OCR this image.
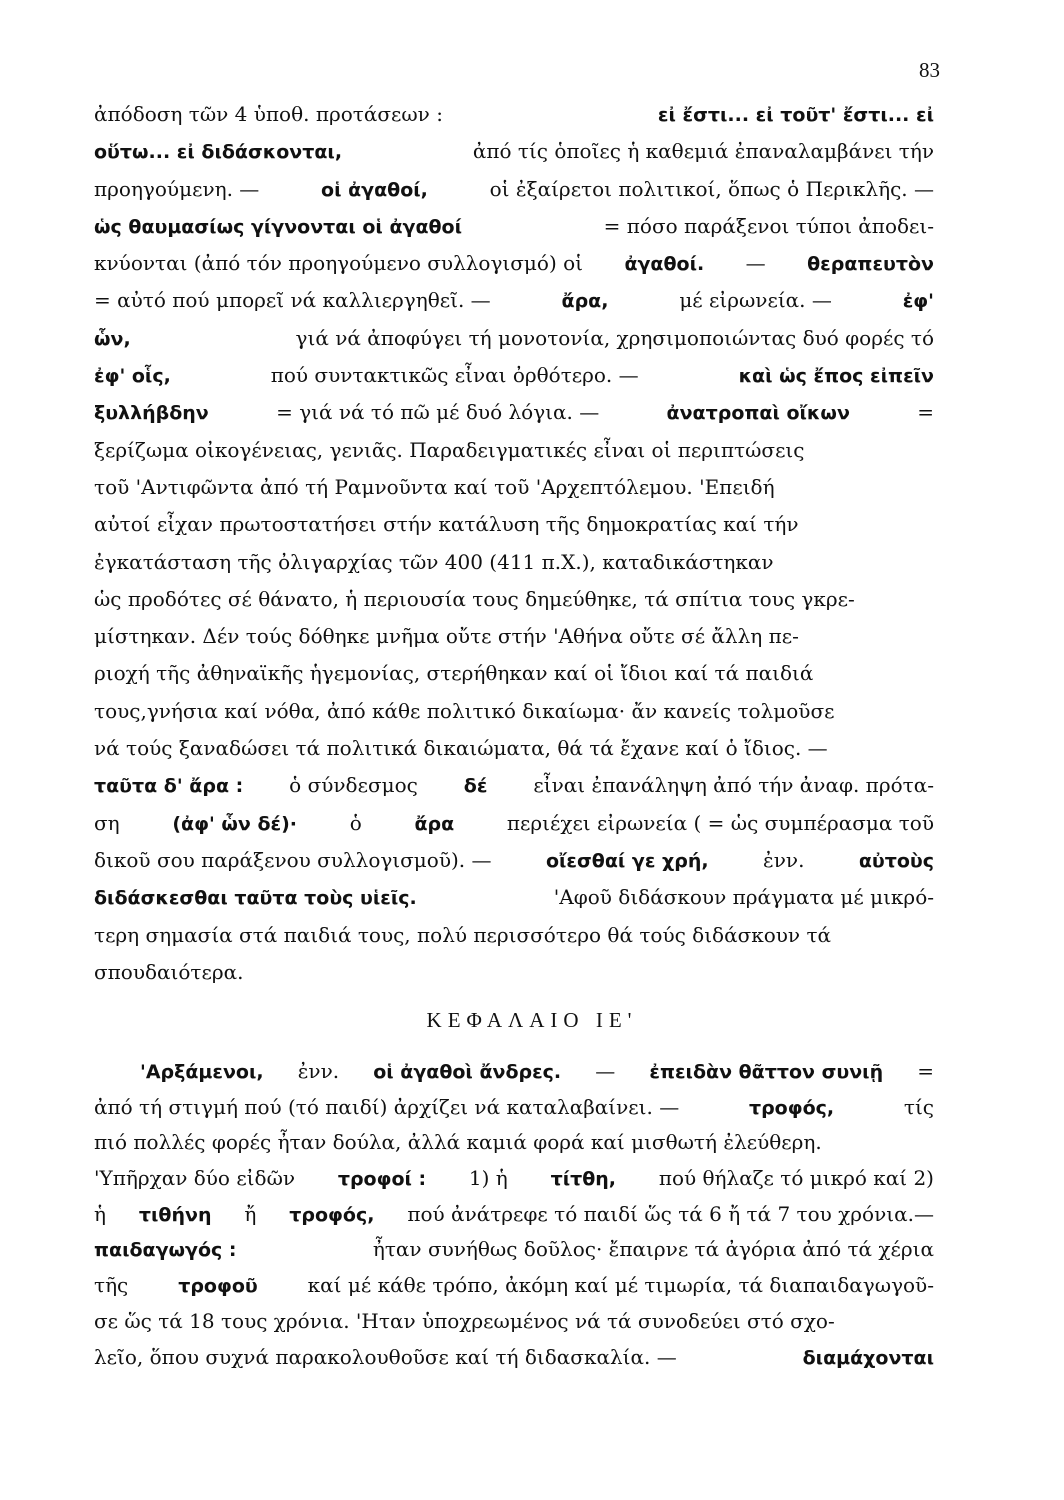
83
ἀπόδοση τῶν 4 ὑποθ. προτάσεων :	εἰ ἔστι... εἰ τοῦτ' ἔστι... εἰ
οὕτω... εἰ διδάσκονται,	ἀπό τίς ὁποῖες ἡ καθεμιά ἐπαναλαμβάνει τήν
προηγούμενη. —	οἱ ἀγαθοί,	οἱ ἐξαίρετοι πολιτικοί, ὅπως ὁ Περικλῆς. —
ὡς θαυμασίως γίγνονται οἱ ἀγαθοί	= πόσο παράξενοι τύποι ἀποδει-
κνύονται (ἀπό τόν προηγούμενο συλλογισμό) οἱ ἀγαθοί. — θεραπευτὸν
= αὐτό πού μπορεῖ νά καλλιεργηθεῖ. —	ἄρα,	μέ εἰρωνεία. —	ἐφ'
ὧν,	γιά νά ἀποφύγει τή μονοτονία, χρησιμοποιώντας δυό φορές τό
ἐφ' οἷς,	πού συντακτικῶς εἶναι ὀρθότερο. —	καὶ ὡς ἔπος εἰπεῖν
ξυλλήβδην	= γιά νά τό πῶ μέ δυό λόγια. —	ἀνατροπαὶ οἴκων	=
ξερίζωμα οἰκογένειας, γενιᾶς. Παραδειγματικές εἶναι οἱ περιπτώσεις
τοῦ 'Αντιφῶντα ἀπό τή Ραμνοῦντα καί τοῦ 'Αρχεπτόλεμου. 'Επειδή
αὐτοί εἶχαν πρωτοστατήσει στήν κατάλυση τῆς δημοκρατίας καί τήν
ἐγκατάσταση τῆς ὀλιγαρχίας τῶν 400 (411 π.Χ.), καταδικάστηκαν
ὡς προδότες σέ θάνατο, ἡ περιουσία τους δημεύθηκε, τά σπίτια τους γκρε-
μίστηκαν. Δέν τούς δόθηκε μνῆμα οὔτε στήν 'Αθήνα οὔτε σέ ἄλλη πε-
ριοχή τῆς ἀθηναϊκῆς ἡγεμονίας, στερήθηκαν καί οἱ ἴδιοι καί τά παιδιά
τους,γνήσια καί νόθα, ἀπό κάθε πολιτικό δικαίωμα· ἄν κανείς τολμοῦσε
νά τούς ξαναδώσει τά πολιτικά δικαιώματα, θά τά ἔχανε καί ὁ ἴδιος. —
ταῦτα δ' ἄρα : ὁ σύνδεσμος δέ εἶναι ἐπανάληψη ἀπό τήν ἀναφ. πρότα-
ση	(ἀφ' ὧν δέ)·	ὁ	ἄρα	περιέχει εἰρωνεία ( = ὡς συμπέρασμα τοῦ
δικοῦ σου παράξενου συλλογισμοῦ). —	οἴεσθαί γε χρή,	ἐνν.	αὐτοὺς
διδάσκεσθαι ταῦτα τοὺς υἱεῖς.	'Αφοῦ διδάσκουν πράγματα μέ μικρό-
τερη σημασία στά παιδιά τους, πολύ περισσότερο θά τούς διδάσκουν τά
σπουδαιότερα.
ΚΕΦΑΛΑΙΟ ΙΕ'
'Αρξάμενοι, ἐνν. οἱ ἀγαθοὶ ἄνδρες. — ἐπειδὰν θᾶττον συνιῇ =
ἀπό τή στιγμή πού (τό παιδί) ἀρχίζει νά καταλαβαίνει. —	τροφός,	τίς
πιό πολλές φορές ἦταν δούλα, ἀλλά καμιά φορά καί μισθωτή ἐλεύθερη.
'Υπῆρχαν δύο εἰδῶν τροφοί : 1) ἡ τίτθη, πού θήλαζε τό μικρό καί 2)
ἡ τιθήνη ἤ τροφός, πού ἀνάτρεφε τό παιδί ὥς τά 6 ἤ τά 7 του χρόνια.—
παιδαγωγός :	ἦταν συνήθως δοῦλος· ἔπαιρνε τά ἀγόρια ἀπό τά χέρια
τῆς	τροφοῦ καί μέ κάθε τρόπο, ἀκόμη καί μέ τιμωρία, τά διαπαιδαγωγοῦ-
σε ὥς τά 18 τους χρόνια. 'Ηταν ὑποχρεωμένος νά τά συνοδεύει στό σχο-
λεῖο, ὅπου συχνά παρακολουθοῦσε καί τή διδασκαλία. —	διαμάχονται
